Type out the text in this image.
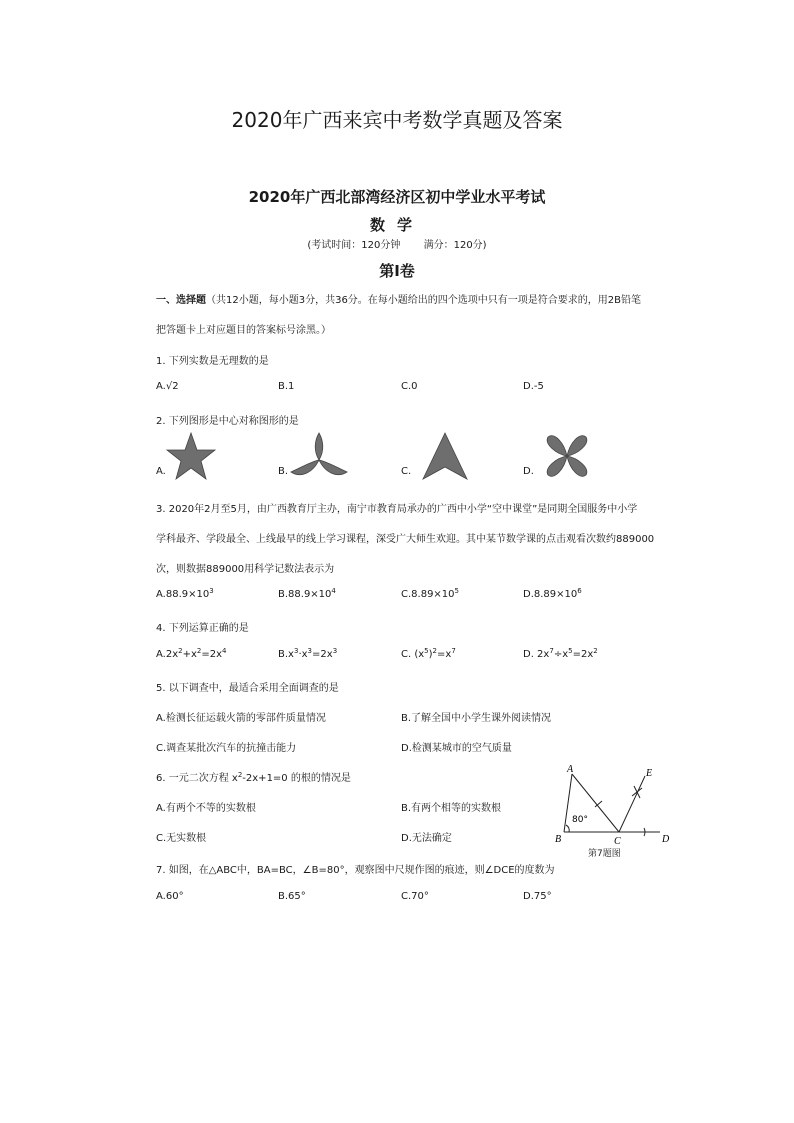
2020年广西来宾中考数学真题及答案
2020年广西北部湾经济区初中学业水平考试
数学
(考试时间：120分钟 满分：120分)
第Ⅰ卷
一、选择题（共12小题，每小题3分，共36分。在每小题给出的四个选项中只有一项是符合要求的，用2B铅笔
把答题卡上对应题目的答案标号涂黑。）
1. 下列实数是无理数的是
A.√2	B.1	C.0	D.-5
2. 下列图形是中心对称图形的是
A.	B.	C.	D.
3. 2020年2月至5月，由广西教育厅主办，南宁市教育局承办的广西中小学“空中课堂”是同期全国服务中小学
学科最齐、学段最全、上线最早的线上学习课程，深受广大师生欢迎。其中某节数学课的点击观看次数约889000
次，则数据889000用科学记数法表示为
$A.88.9\times 10^3$	$B.88.9\times 10^4$	$C.8.89\times 10^5$	$D.8.89\times 10^6$
4. 下列运算正确的是
$A.2x^2+x^2=2x^4$	$B.x^3\cdot x^3=2x^3$	C. $(x^5)^2=x^7$	D. $2x^7\div x^5=2x^2$
5. 以下调查中，最适合采用全面调查的是
A.检测长征运载火箭的零部件质量情况	B.了解全国中小学生课外阅读情况
C.调查某批次汽车的抗撞击能力	D.检测某城市的空气质量
6. 一元二次方程 $x^2-2x+1=0$ 的根的情况是
A.有两个不等的实数根	B.有两个相等的实数根
C.无实数根	D.无法确定
A
B	C	D
E
80°
第7题图
7. 如图，在△ABC中，BA=BC，∠B=80°，观察图中尺规作图的痕迹，则∠DCE的度数为
A.60°	B.65°	C.70°	D.75°
